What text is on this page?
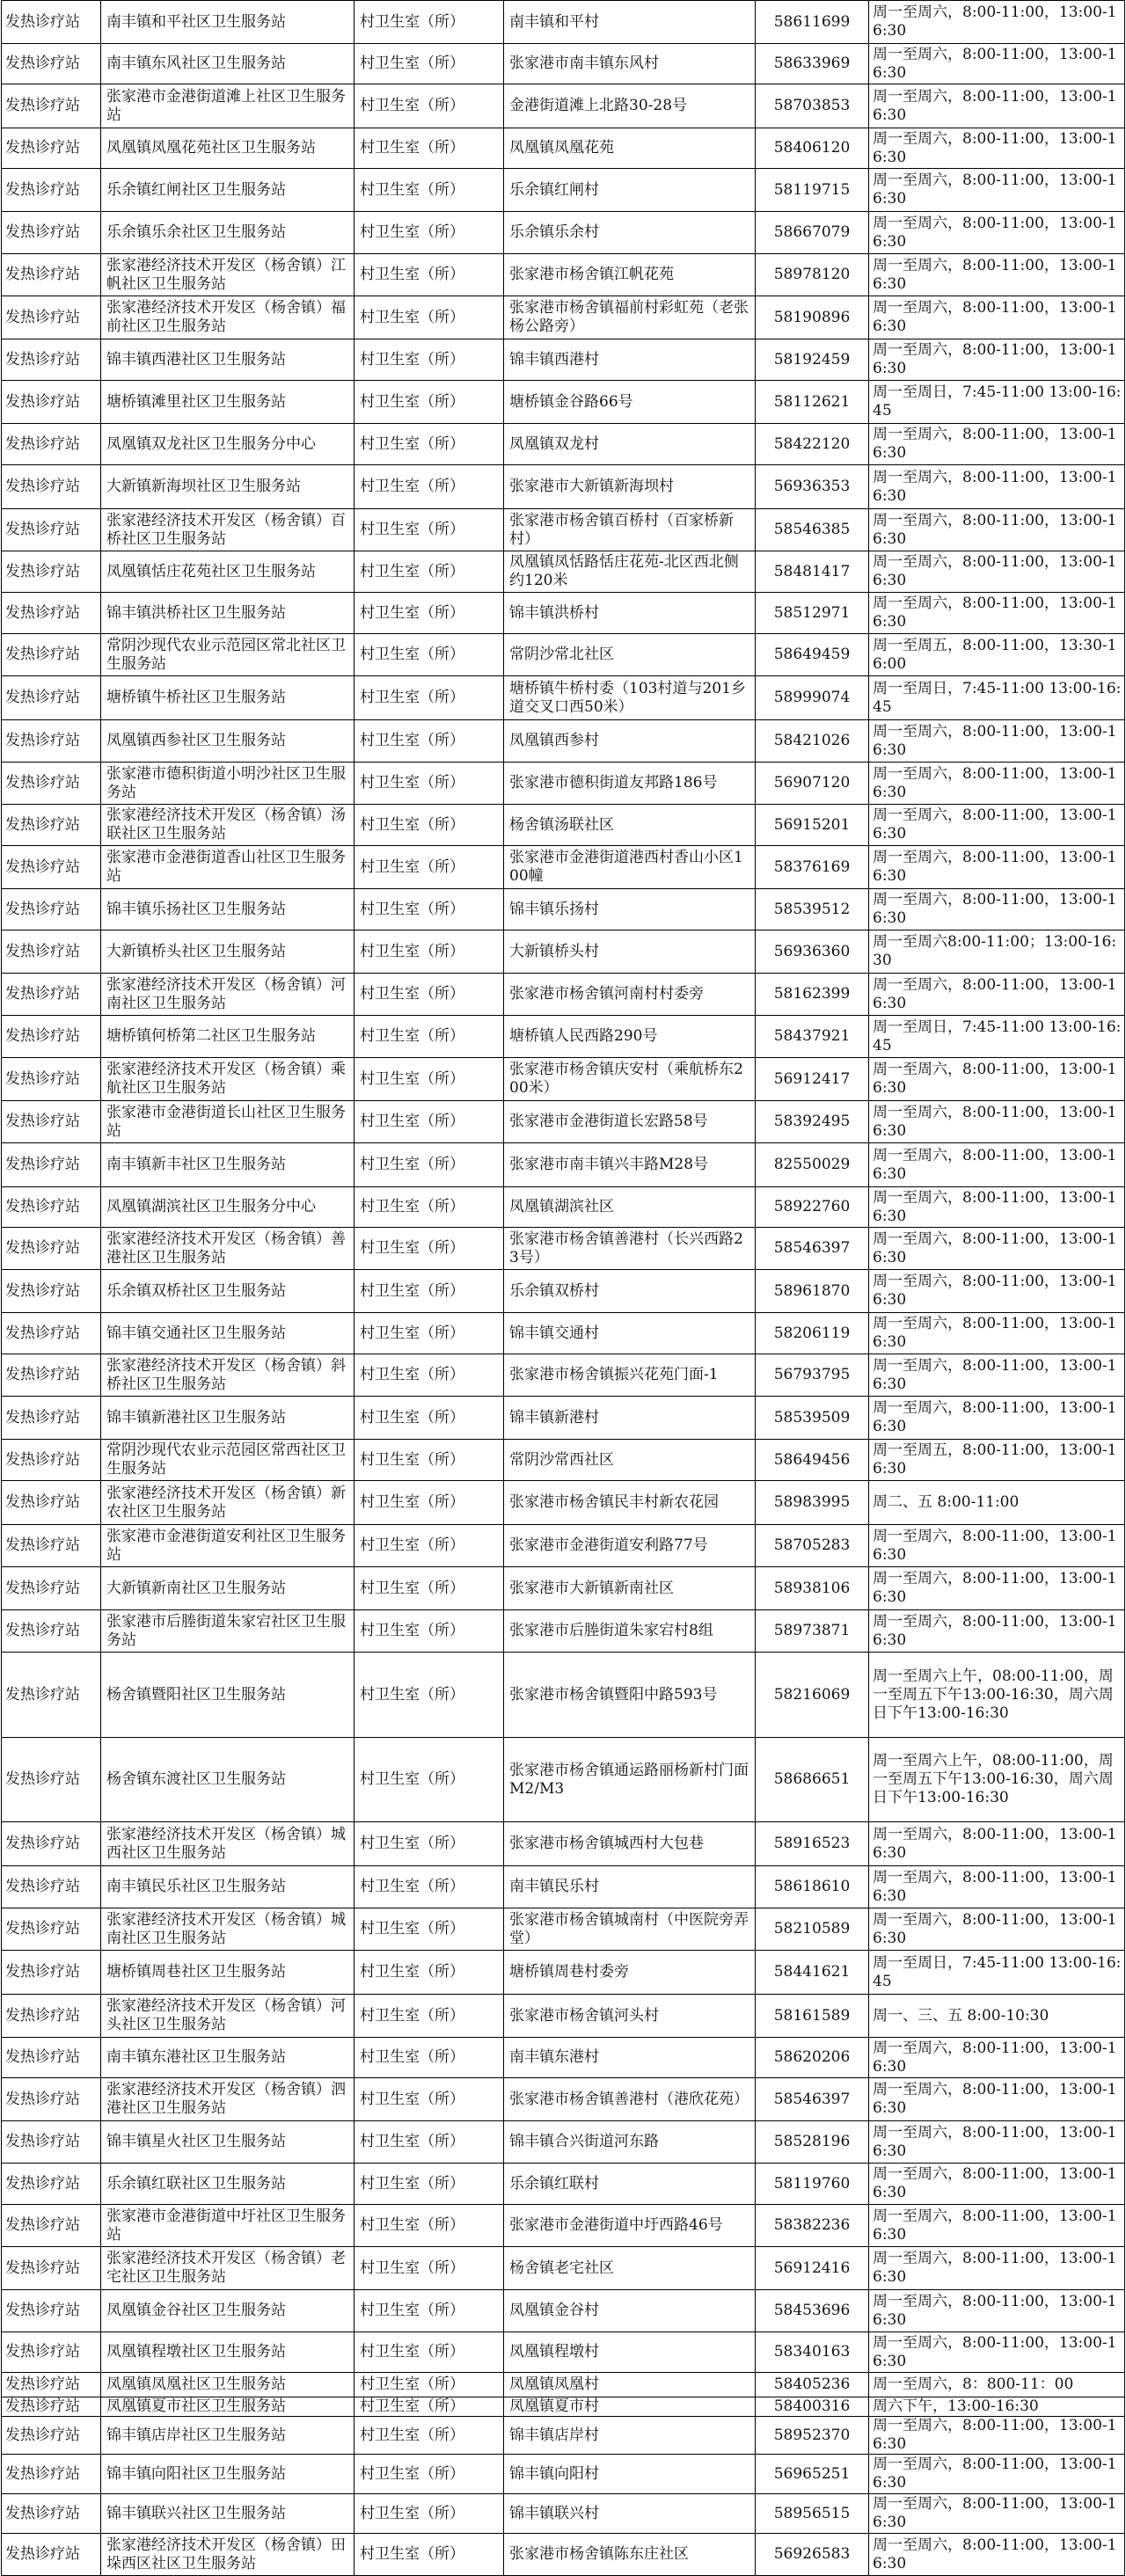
发热诊疗站	南丰镇和平社区卫生服务站	村卫生室（所）	南丰镇和平村	58611699	周一至周六，8:00-11:00，13:00-16:30
发热诊疗站	南丰镇东风社区卫生服务站	村卫生室（所）	张家港市南丰镇东风村	58633969	周一至周六，8:00-11:00，13:00-16:30
发热诊疗站	张家港市金港街道滩上社区卫生服务站	村卫生室（所）	金港街道滩上北路30-28号	58703853	周一至周六，8:00-11:00，13:00-16:30
发热诊疗站	凤凰镇凤凰花苑社区卫生服务站	村卫生室（所）	凤凰镇凤凰花苑	58406120	周一至周六，8:00-11:00，13:00-16:30
发热诊疗站	乐余镇红闸社区卫生服务站	村卫生室（所）	乐余镇红闸村	58119715	周一至周六，8:00-11:00，13:00-16:30
发热诊疗站	乐余镇乐余社区卫生服务站	村卫生室（所）	乐余镇乐余村	58667079	周一至周六，8:00-11:00，13:00-16:30
发热诊疗站	张家港经济技术开发区（杨舍镇）江帆社区卫生服务站	村卫生室（所）	张家港市杨舍镇江帆花苑	58978120	周一至周六，8:00-11:00，13:00-16:30
发热诊疗站	张家港经济技术开发区（杨舍镇）福前社区卫生服务站	村卫生室（所）	张家港市杨舍镇福前村彩虹苑（老张杨公路旁）	58190896	周一至周六，8:00-11:00，13:00-16:30
发热诊疗站	锦丰镇西港社区卫生服务站	村卫生室（所）	锦丰镇西港村	58192459	周一至周六，8:00-11:00，13:00-16:30
发热诊疗站	塘桥镇滩里社区卫生服务站	村卫生室（所）	塘桥镇金谷路66号	58112621	周一至周日，7:45-11:00 13:00-16:45
发热诊疗站	凤凰镇双龙社区卫生服务分中心	村卫生室（所）	凤凰镇双龙村	58422120	周一至周六，8:00-11:00，13:00-16:30
发热诊疗站	大新镇新海坝社区卫生服务站	村卫生室（所）	张家港市大新镇新海坝村	56936353	周一至周六，8:00-11:00，13:00-16:30
发热诊疗站	张家港经济技术开发区（杨舍镇）百桥社区卫生服务站	村卫生室（所）	张家港市杨舍镇百桥村（百家桥新村）	58546385	周一至周六，8:00-11:00，13:00-16:30
发热诊疗站	凤凰镇恬庄花苑社区卫生服务站	村卫生室（所）	凤凰镇凤恬路恬庄花苑-北区西北侧约120米	58481417	周一至周六，8:00-11:00，13:00-16:30
发热诊疗站	锦丰镇洪桥社区卫生服务站	村卫生室（所）	锦丰镇洪桥村	58512971	周一至周六，8:00-11:00，13:00-16:30
发热诊疗站	常阴沙现代农业示范园区常北社区卫生服务站	村卫生室（所）	常阴沙常北社区	58649459	周一至周五，8:00-11:00，13:30-16:00
发热诊疗站	塘桥镇牛桥社区卫生服务站	村卫生室（所）	塘桥镇牛桥村委（103村道与201乡道交叉口西50米）	58999074	周一至周日，7:45-11:00 13:00-16:45
发热诊疗站	凤凰镇西参社区卫生服务站	村卫生室（所）	凤凰镇西参村	58421026	周一至周六，8:00-11:00，13:00-16:30
发热诊疗站	张家港市德积街道小明沙社区卫生服务站	村卫生室（所）	张家港市德积街道友邦路186号	56907120	周一至周六，8:00-11:00，13:00-16:30
发热诊疗站	张家港经济技术开发区（杨舍镇）汤联社区卫生服务站	村卫生室（所）	杨舍镇汤联社区	56915201	周一至周六，8:00-11:00，13:00-16:30
发热诊疗站	张家港市金港街道香山社区卫生服务站	村卫生室（所）	张家港市金港街道港西村香山小区100幢	58376169	周一至周六，8:00-11:00，13:00-16:30
发热诊疗站	锦丰镇乐扬社区卫生服务站	村卫生室（所）	锦丰镇乐扬村	58539512	周一至周六，8:00-11:00，13:00-16:30
发热诊疗站	大新镇桥头社区卫生服务站	村卫生室（所）	大新镇桥头村	56936360	周一至周六8:00-11:00；13:00-16:30
发热诊疗站	张家港经济技术开发区（杨舍镇）河南社区卫生服务站	村卫生室（所）	张家港市杨舍镇河南村村委旁	58162399	周一至周六，8:00-11:00，13:00-16:30
发热诊疗站	塘桥镇何桥第二社区卫生服务站	村卫生室（所）	塘桥镇人民西路290号	58437921	周一至周日，7:45-11:00 13:00-16:45
发热诊疗站	张家港经济技术开发区（杨舍镇）乘航社区卫生服务站	村卫生室（所）	张家港市杨舍镇庆安村（乘航桥东200米）	56912417	周一至周六，8:00-11:00，13:00-16:30
发热诊疗站	张家港市金港街道长山社区卫生服务站	村卫生室（所）	张家港市金港街道长宏路58号	58392495	周一至周六，8:00-11:00，13:00-16:30
发热诊疗站	南丰镇新丰社区卫生服务站	村卫生室（所）	张家港市南丰镇兴丰路M28号	82550029	周一至周六，8:00-11:00，13:00-16:30
发热诊疗站	凤凰镇湖滨社区卫生服务分中心	村卫生室（所）	凤凰镇湖滨社区	58922760	周一至周六，8:00-11:00，13:00-16:30
发热诊疗站	张家港经济技术开发区（杨舍镇）善港社区卫生服务站	村卫生室（所）	张家港市杨舍镇善港村（长兴西路23号）	58546397	周一至周六，8:00-11:00，13:00-16:30
发热诊疗站	乐余镇双桥社区卫生服务站	村卫生室（所）	乐余镇双桥村	58961870	周一至周六，8:00-11:00，13:00-16:30
发热诊疗站	锦丰镇交通社区卫生服务站	村卫生室（所）	锦丰镇交通村	58206119	周一至周六，8:00-11:00，13:00-16:30
发热诊疗站	张家港经济技术开发区（杨舍镇）斜桥社区卫生服务站	村卫生室（所）	张家港市杨舍镇振兴花苑门面-1	56793795	周一至周六，8:00-11:00，13:00-16:30
发热诊疗站	锦丰镇新港社区卫生服务站	村卫生室（所）	锦丰镇新港村	58539509	周一至周六，8:00-11:00，13:00-16:30
发热诊疗站	常阴沙现代农业示范园区常西社区卫生服务站	村卫生室（所）	常阴沙常西社区	58649456	周一至周五，8:00-11:00，13:00-16:30
发热诊疗站	张家港经济技术开发区（杨舍镇）新农社区卫生服务站	村卫生室（所）	张家港市杨舍镇民丰村新农花园	58983995	周二、五 8:00-11:00
发热诊疗站	张家港市金港街道安利社区卫生服务站	村卫生室（所）	张家港市金港街道安利路77号	58705283	周一至周六，8:00-11:00，13:00-16:30
发热诊疗站	大新镇新南社区卫生服务站	村卫生室（所）	张家港市大新镇新南社区	58938106	周一至周六，8:00-11:00，13:00-16:30
发热诊疗站	张家港市后塍街道朱家宕社区卫生服务站	村卫生室（所）	张家港市后塍街道朱家宕村8组	58973871	周一至周六，8:00-11:00，13:00-16:30
发热诊疗站	杨舍镇暨阳社区卫生服务站	村卫生室（所）	张家港市杨舍镇暨阳中路593号	58216069	周一至周六上午，08:00-11:00，周一至周五下午13:00-16:30，周六周日下午13:00-16:30
发热诊疗站	杨舍镇东渡社区卫生服务站	村卫生室（所）	张家港市杨舍镇通运路丽杨新村门面M2/M3	58686651	周一至周六上午，08:00-11:00，周一至周五下午13:00-16:30，周六周日下午13:00-16:30
发热诊疗站	张家港经济技术开发区（杨舍镇）城西社区卫生服务站	村卫生室（所）	张家港市杨舍镇城西村大包巷	58916523	周一至周六，8:00-11:00，13:00-16:30
发热诊疗站	南丰镇民乐社区卫生服务站	村卫生室（所）	南丰镇民乐村	58618610	周一至周六，8:00-11:00，13:00-16:30
发热诊疗站	张家港经济技术开发区（杨舍镇）城南社区卫生服务站	村卫生室（所）	张家港市杨舍镇城南村（中医院旁弄堂）	58210589	周一至周六，8:00-11:00，13:00-16:30
发热诊疗站	塘桥镇周巷社区卫生服务站	村卫生室（所）	塘桥镇周巷村委旁	58441621	周一至周日，7:45-11:00 13:00-16:45
发热诊疗站	张家港经济技术开发区（杨舍镇）河头社区卫生服务站	村卫生室（所）	张家港市杨舍镇河头村	58161589	周一、三、五 8:00-10:30
发热诊疗站	南丰镇东港社区卫生服务站	村卫生室（所）	南丰镇东港村	58620206	周一至周六，8:00-11:00，13:00-16:30
发热诊疗站	张家港经济技术开发区（杨舍镇）泗港社区卫生服务站	村卫生室（所）	张家港市杨舍镇善港村（港欣花苑）	58546397	周一至周六，8:00-11:00，13:00-16:30
发热诊疗站	锦丰镇星火社区卫生服务站	村卫生室（所）	锦丰镇合兴街道河东路	58528196	周一至周六，8:00-11:00，13:00-16:30
发热诊疗站	乐余镇红联社区卫生服务站	村卫生室（所）	乐余镇红联村	58119760	周一至周六，8:00-11:00，13:00-16:30
发热诊疗站	张家港市金港街道中圩社区卫生服务站	村卫生室（所）	张家港市金港街道中圩西路46号	58382236	周一至周六，8:00-11:00，13:00-16:30
发热诊疗站	张家港经济技术开发区（杨舍镇）老宅社区卫生服务站	村卫生室（所）	杨舍镇老宅社区	56912416	周一至周六，8:00-11:00，13:00-16:30
发热诊疗站	凤凰镇金谷社区卫生服务站	村卫生室（所）	凤凰镇金谷村	58453696	周一至周六，8:00-11:00，13:00-16:30
发热诊疗站	凤凰镇程墩社区卫生服务站	村卫生室（所）	凤凰镇程墩村	58340163	周一至周六，8:00-11:00，13:00-16:30
发热诊疗站	凤凰镇凤凰社区卫生服务站	村卫生室（所）	凤凰镇凤凰村	58405236	周一至周六，8：800-11：00
发热诊疗站	凤凰镇夏市社区卫生服务站	村卫生室（所）	凤凰镇夏市村	58400316	周六下午，13:00-16:30
发热诊疗站	锦丰镇店岸社区卫生服务站	村卫生室（所）	锦丰镇店岸村	58952370	周一至周六，8:00-11:00，13:00-16:30
发热诊疗站	锦丰镇向阳社区卫生服务站	村卫生室（所）	锦丰镇向阳村	56965251	周一至周六，8:00-11:00，13:00-16:30
发热诊疗站	锦丰镇联兴社区卫生服务站	村卫生室（所）	锦丰镇联兴村	58956515	周一至周六，8:00-11:00，13:00-16:30
发热诊疗站	张家港经济技术开发区（杨舍镇）田垛西区社区卫生服务站	村卫生室（所）	张家港市杨舍镇陈东庄社区	56926583	周一至周六，8:00-11:00，13:00-16:30
